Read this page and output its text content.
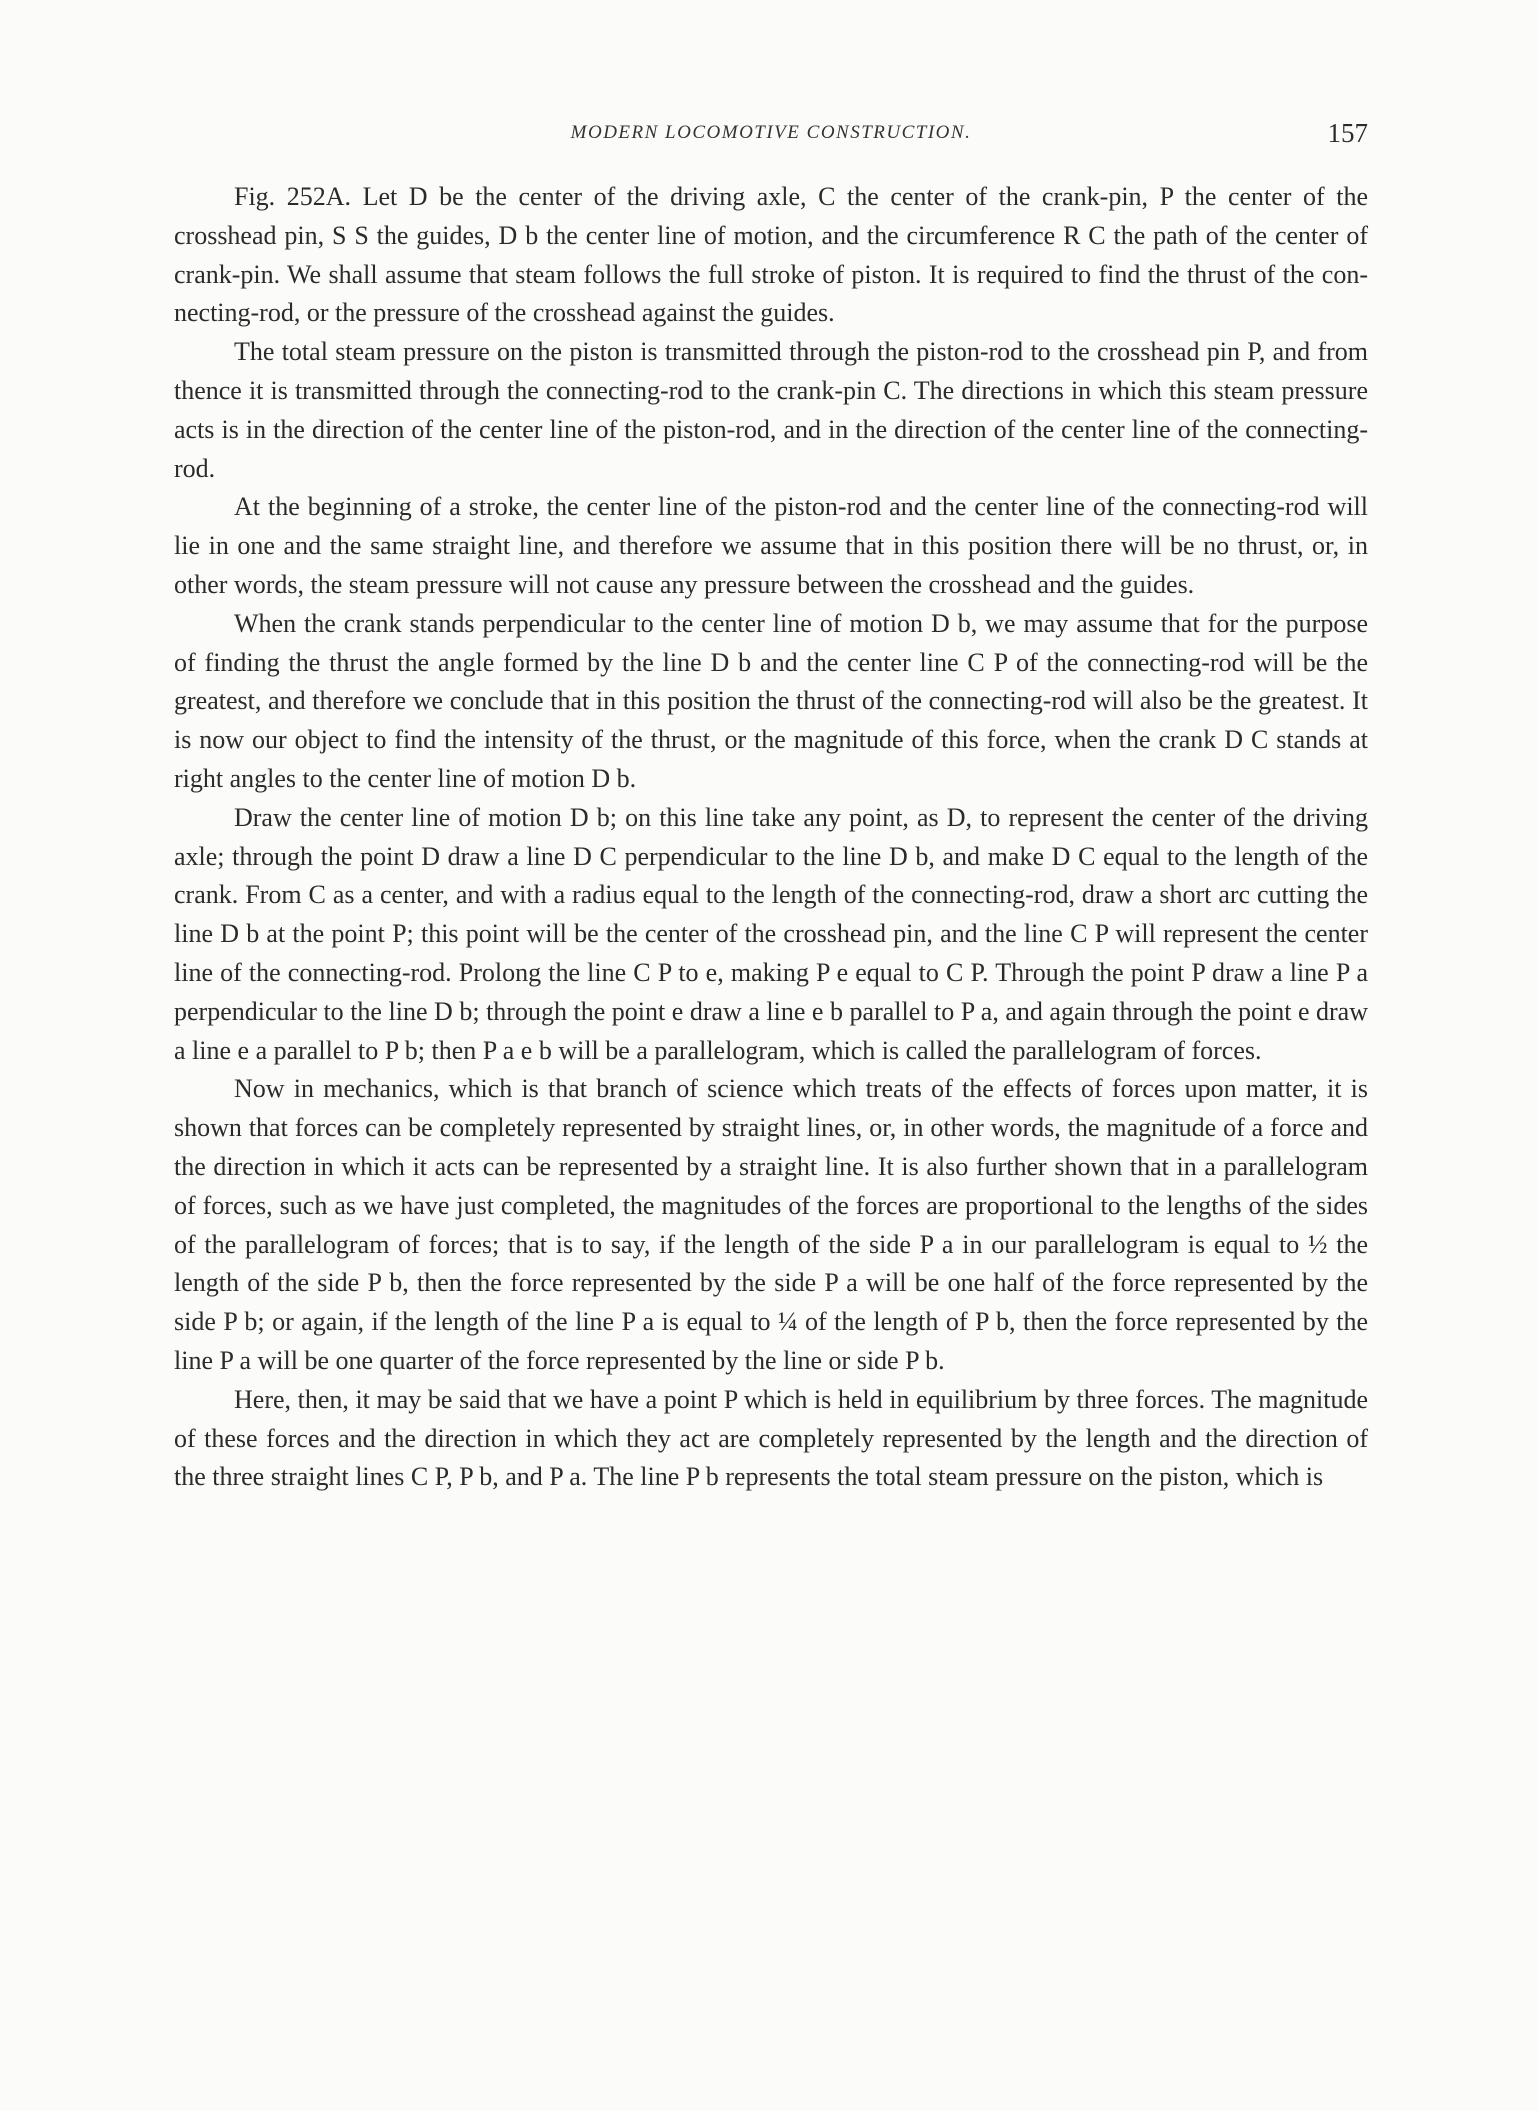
MODERN LOCOMOTIVE CONSTRUCTION.	157

Fig. 252A. Let D be the center of the driving axle, C the center of the crank-pin, P the center of the crosshead pin, S S the guides, D b the center line of motion, and the circumference R C the path of the center of crank-pin. We shall assume that steam follows the full stroke of piston. It is required to find the thrust of the connecting-rod, or the pressure of the crosshead against the guides.

The total steam pressure on the piston is transmitted through the piston-rod to the crosshead pin P, and from thence it is transmitted through the connecting-rod to the crank-pin C. The directions in which this steam pressure acts is in the direction of the center line of the piston-rod, and in the direction of the center line of the connecting-rod.

At the beginning of a stroke, the center line of the piston-rod and the center line of the connecting-rod will lie in one and the same straight line, and therefore we assume that in this position there will be no thrust, or, in other words, the steam pressure will not cause any pressure between the crosshead and the guides.

When the crank stands perpendicular to the center line of motion D b, we may assume that for the purpose of finding the thrust the angle formed by the line D b and the center line C P of the connecting-rod will be the greatest, and therefore we conclude that in this position the thrust of the connecting-rod will also be the greatest. It is now our object to find the intensity of the thrust, or the magnitude of this force, when the crank D C stands at right angles to the center line of motion D b.

Draw the center line of motion D b; on this line take any point, as D, to represent the center of the driving axle; through the point D draw a line D C perpendicular to the line D b, and make D C equal to the length of the crank. From C as a center, and with a radius equal to the length of the connecting-rod, draw a short arc cutting the line D b at the point P; this point will be the center of the crosshead pin, and the line C P will represent the center line of the connecting-rod. Prolong the line C P to e, making P e equal to C P. Through the point P draw a line P a perpendicular to the line D b; through the point e draw a line e b parallel to P a, and again through the point e draw a line e a parallel to P b; then P a e b will be a parallelogram, which is called the parallelogram of forces.

Now in mechanics, which is that branch of science which treats of the effects of forces upon matter, it is shown that forces can be completely represented by straight lines, or, in other words, the magnitude of a force and the direction in which it acts can be represented by a straight line. It is also further shown that in a parallelogram of forces, such as we have just completed, the magnitudes of the forces are proportional to the lengths of the sides of the parallelogram of forces; that is to say, if the length of the side P a in our parallelogram is equal to ½ the length of the side P b, then the force represented by the side P a will be one half of the force represented by the side P b; or again, if the length of the line P a is equal to ¼ of the length of P b, then the force represented by the line P a will be one quarter of the force represented by the line or side P b.

Here, then, it may be said that we have a point P which is held in equilibrium by three forces. The magnitude of these forces and the direction in which they act are completely represented by the length and the direction of the three straight lines C P, P b, and P a. The line P b represents the total steam pressure on the piston, which is
